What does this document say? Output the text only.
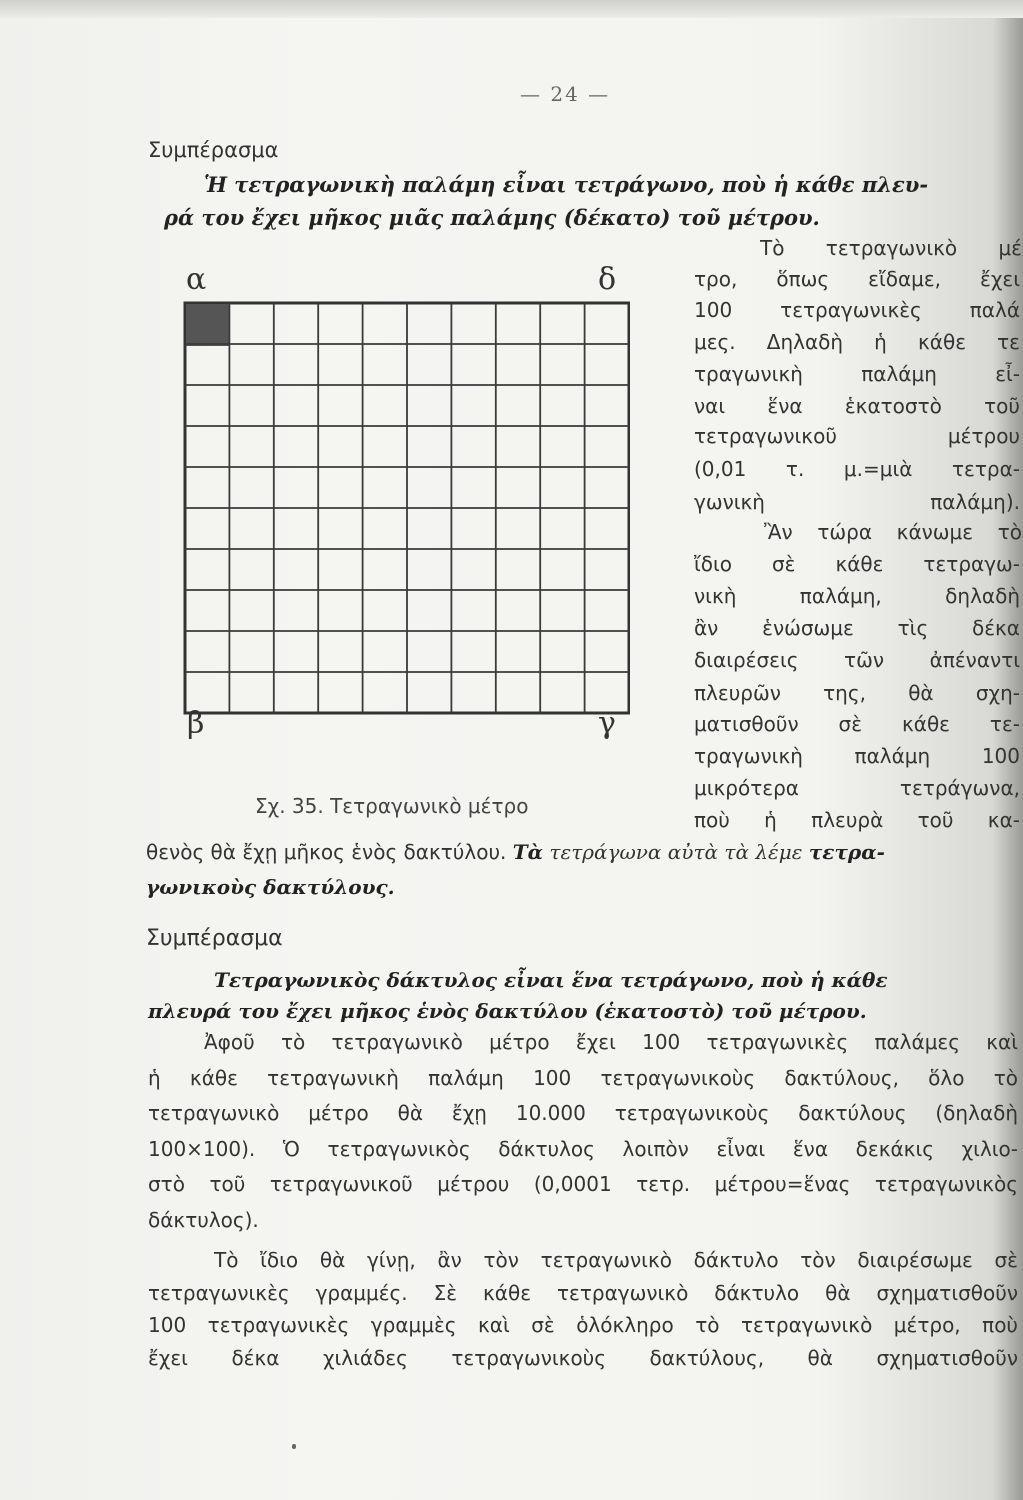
— 24 —
Συμπέρασμα
Ἡ τετραγωνικὴ παλάμη εἶναι τετράγωνο, ποὺ ἡ κάθε πλευ-
ρά του ἔχει μῆκος μιᾶς παλάμης (δέκατο) τοῦ μέτρου.
α	δ
β	γ
Σχ. 35. Τετραγωνικὸ μέτρο
Τὸ τετραγωνικὸ μέ
τρο, ὅπως εἴδαμε, ἔχει
100 τετραγωνικὲς παλά
μες. Δηλαδὴ ἡ κάθε τε
τραγωνικὴ παλάμη εἶ-
ναι ἕνα ἑκατοστὸ τοῦ
τετραγωνικοῦ μέτρου
(0,01 τ. μ.=μιὰ τετρα-
γωνικὴ παλάμη).
Ἂν τώρα κάνωμε τὸ
ἴδιο σὲ κάθε τετραγω-
νικὴ παλάμη, δηλαδὴ
ἂν ἑνώσωμε τὶς δέκα
διαιρέσεις τῶν ἀπέναντι
πλευρῶν της, θὰ σχη-
ματισθοῦν σὲ κάθε τε-
τραγωνικὴ παλάμη 100
μικρότερα τετράγωνα,
ποὺ ἡ πλευρὰ τοῦ κα-
θενὸς θὰ ἔχῃ μῆκος ἑνὸς δακτύλου. Τὰ τετράγωνα αὐτὰ τὰ λέμε τετρα-
γωνικοὺς δακτύλους.
Συμπέρασμα
Τετραγωνικὸς δάκτυλος εἶναι ἕνα τετράγωνο, ποὺ ἡ κάθε
πλευρά του ἔχει μῆκος ἑνὸς δακτύλου (ἑκατοστὸ) τοῦ μέτρου.
Ἀφοῦ τὸ τετραγωνικὸ μέτρο ἔχει 100 τετραγωνικὲς παλάμες καὶ
ἡ κάθε τετραγωνικὴ παλάμη 100 τετραγωνικοὺς δακτύλους, ὅλο τὸ
τετραγωνικὸ μέτρο θὰ ἔχῃ 10.000 τετραγωνικοὺς δακτύλους (δηλαδὴ
100×100). Ὁ τετραγωνικὸς δάκτυλος λοιπὸν εἶναι ἕνα δεκάκις χιλιο-
στὸ τοῦ τετραγωνικοῦ μέτρου (0,0001 τετρ. μέτρου=ἕνας τετραγωνικὸς
δάκτυλος).
Τὸ ἴδιο θὰ γίνῃ, ἂν τὸν τετραγωνικὸ δάκτυλο τὸν διαιρέσωμε σὲ
τετραγωνικὲς γραμμές. Σὲ κάθε τετραγωνικὸ δάκτυλο θὰ σχηματισθοῦν
100 τετραγωνικὲς γραμμὲς καὶ σὲ ὁλόκληρο τὸ τετραγωνικὸ μέτρο, ποὺ
ἔχει δέκα χιλιάδες τετραγωνικοὺς δακτύλους, θὰ σχηματισθοῦν
